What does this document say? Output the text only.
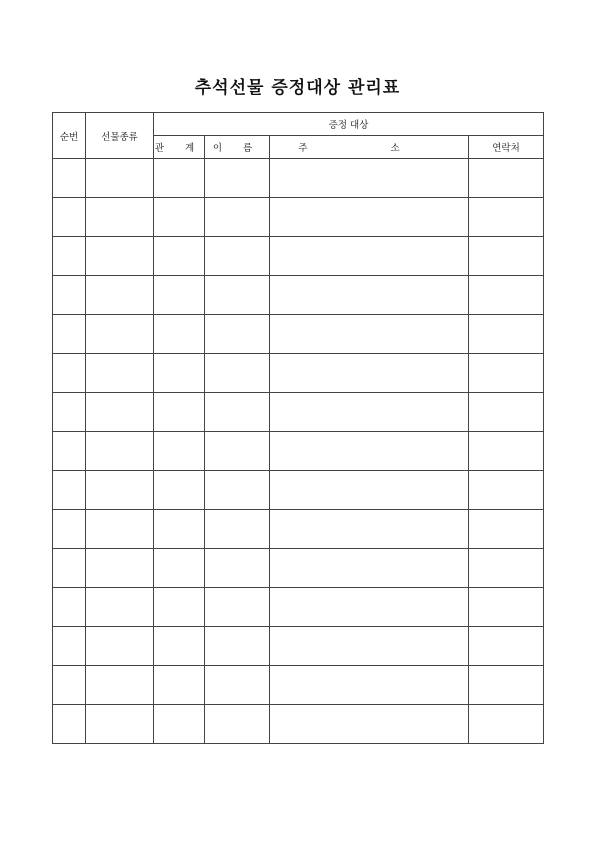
추석선물 증정대상 관리표
순번	선물종류	증정 대상			
		관 계	이 름	주 소	연락처
